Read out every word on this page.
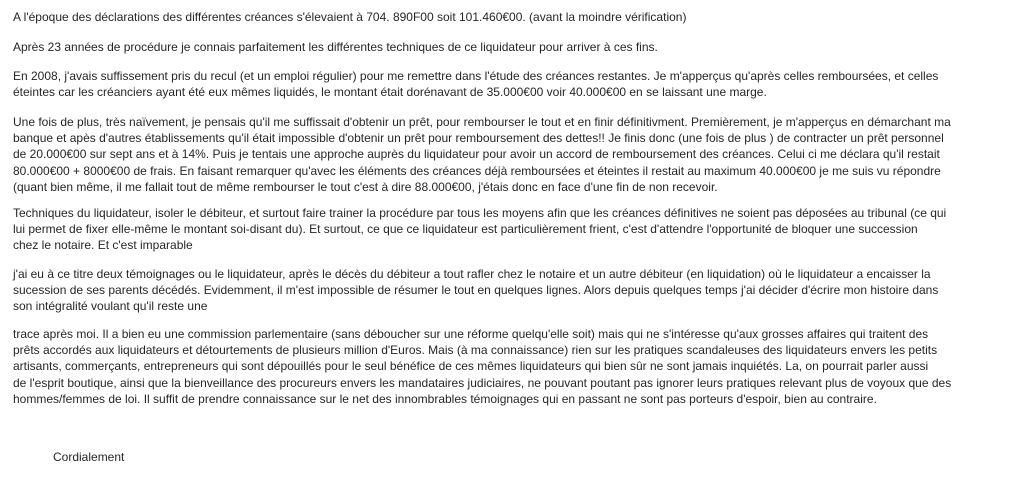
A l'époque des déclarations des différentes créances s'élevaient à 704. 890F00 soit 101.460€00. (avant la moindre vérification)

Après 23 années de procédure je connais parfaitement les différentes techniques de ce liquidateur pour arriver à ces fins.

En 2008, j'avais suffissement pris du recul (et un emploi régulier) pour me remettre dans l'étude des créances restantes. Je m'apperçus qu'après celles remboursées, et celles
éteintes car les créanciers ayant été eux mêmes liquidés, le montant était dorénavant de 35.000€00 voir 40.000€00 en se laissant une marge.

Une fois de plus, très naïvement, je pensais qu'il me suffissait d'obtenir un prêt, pour rembourser le tout et en finir définitivment. Premièrement, je m'apperçus en démarchant ma
banque et apès d'autres établissements qu'il était impossible d'obtenir un prêt pour remboursement des dettes!! Je finis donc (une fois de plus ) de contracter un prêt personnel
de 20.000€00 sur sept ans et à 14%. Puis je tentais une approche auprès du liquidateur pour avoir un accord de remboursement des créances. Celui ci me déclara qu'il restait
80.000€00 + 8000€00 de frais. En faisant remarquer qu'avec les éléments des créances déjà remboursées et éteintes il restait au maximum 40.000€00 je me suis vu répondre
(quant bien même, il me fallait tout de même rembourser le tout c'est à dire 88.000€00, j'étais donc en face d'une fin de non recevoir.

Techniques du liquidateur, isoler le débiteur, et surtout faire trainer la procédure par tous les moyens afin que les créances définitives ne soient pas déposées au tribunal (ce qui
lui permet de fixer elle-même le montant soi-disant du). Et surtout, ce que ce liquidateur est particulièrement frient, c'est d'attendre l'opportunité de bloquer une succession
chez le notaire. Et c'est imparable

j'ai eu à ce titre deux témoignages ou le liquidateur, après le décès du débiteur a tout rafler chez le notaire et un autre débiteur (en liquidation) où le liquidateur a encaisser la
sucession de ses parents décédés. Evidemment, il m'est impossible de résumer le tout en quelques lignes. Alors depuis quelques temps j'ai décider d'écrire mon histoire dans
son intégralité voulant qu'il reste une

trace après moi. Il a bien eu une commission parlementaire (sans déboucher sur une réforme quelqu'elle soit) mais qui ne s'intéresse qu'aux grosses affaires qui traitent des
prêts accordés aux liquidateurs et détourtements de plusieurs million d'Euros. Mais (à ma connaissance) rien sur les pratiques scandaleuses des liquidateurs envers les petits
artisants, commerçants, entrepreneurs qui sont dépouillés pour le seul bénéfice de ces mêmes liquidateurs qui bien sûr ne sont jamais inquiétés. La, on pourrait parler aussi
de l'esprit boutique, ainsi que la bienveillance des procureurs envers les mandataires judiciaires, ne pouvant poutant pas ignorer leurs pratiques relevant plus de voyoux que des
hommes/femmes de loi. Il suffit de prendre connaissance sur le net des innombrables témoignages qui en passant ne sont pas porteurs d'espoir, bien au contraire.

Cordialement
